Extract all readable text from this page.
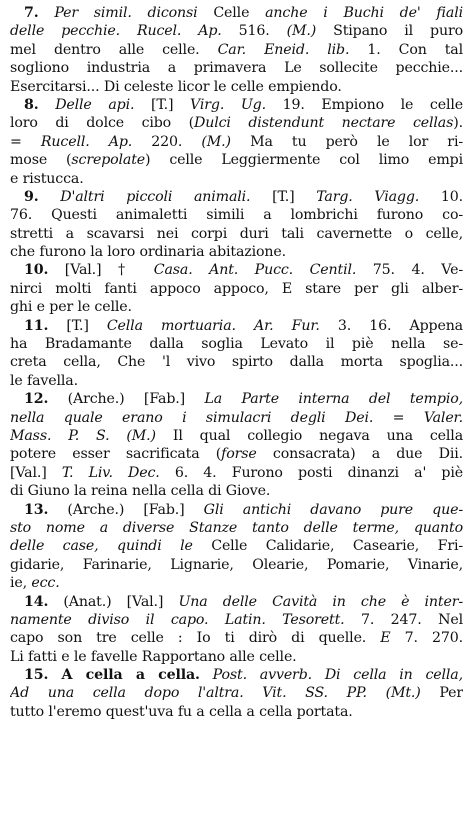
7. Per simil. diconsi Celle anche i Buchi de' fiali
delle pecchie. Rucel. Ap. 516. (M.) Stipano il puro
mel dentro alle celle. Car. Eneid. lib. 1. Con tal
sogliono industria a primavera Le sollecite pecchie...
Esercitarsi... Di celeste licor le celle empiendo.
8. Delle api. [T.] Virg. Ug. 19. Empiono le celle
loro di dolce cibo (Dulci distendunt nectare cellas).
= Rucell. Ap. 220. (M.) Ma tu però le lor ri-
mose (screpolate) celle Leggiermente col limo empi
e ristucca.
9. D'altri piccoli animali. [T.] Targ. Viagg. 10.
76. Questi animaletti simili a lombrichi furono co-
stretti a scavarsi nei corpi duri tali cavernette o celle,
che furono la loro ordinaria abitazione.
10. [Val.] † Casa. Ant. Pucc. Centil. 75. 4. Ve-
nirci molti fanti appoco appoco, E stare per gli alber-
ghi e per le celle.
11. [T.] Cella mortuaria. Ar. Fur. 3. 16. Appena
ha Bradamante dalla soglia Levato il piè nella se-
creta cella, Che 'l vivo spirto dalla morta spoglia...
le favella.
12. (Arche.) [Fab.] La Parte interna del tempio,
nella quale erano i simulacri degli Dei. = Valer.
Mass. P. S. (M.) Il qual collegio negava una cella
potere esser sacrificata (forse consacrata) a due Dii.
[Val.] T. Liv. Dec. 6. 4. Furono posti dinanzi a' piè
di Giuno la reina nella cella di Giove.
13. (Arche.) [Fab.] Gli antichi davano pure que-
sto nome a diverse Stanze tanto delle terme, quanto
delle case, quindi le Celle Calidarie, Casearie, Fri-
gidarie, Farinarie, Lignarie, Olearie, Pomarie, Vinarie,
ie, ecc.
14. (Anat.) [Val.] Una delle Cavità in che è inter-
namente diviso il capo. Latin. Tesorett. 7. 247. Nel
capo son tre celle : Io ti dirò di quelle. E 7. 270.
Li fatti e le favelle Rapportano alle celle.
15. A cella a cella. Post. avverb. Di cella in cella,
Ad una cella dopo l'altra. Vit. SS. PP. (Mt.) Per
tutto l'eremo quest'uva fu a cella a cella portata.
